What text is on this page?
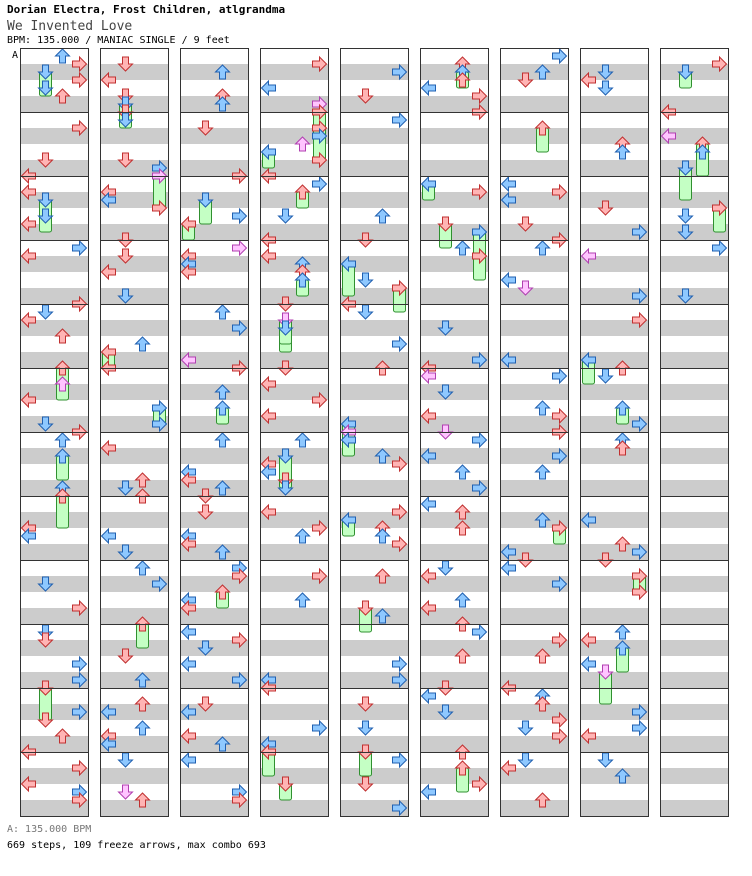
Dorian Electra, Frost Children, atlgrandma
We Invented Love
BPM: 135.000 / MANIAC SINGLE / 9 feet
A
A: 135.000 BPM
669 steps, 109 freeze arrows, max combo 693
